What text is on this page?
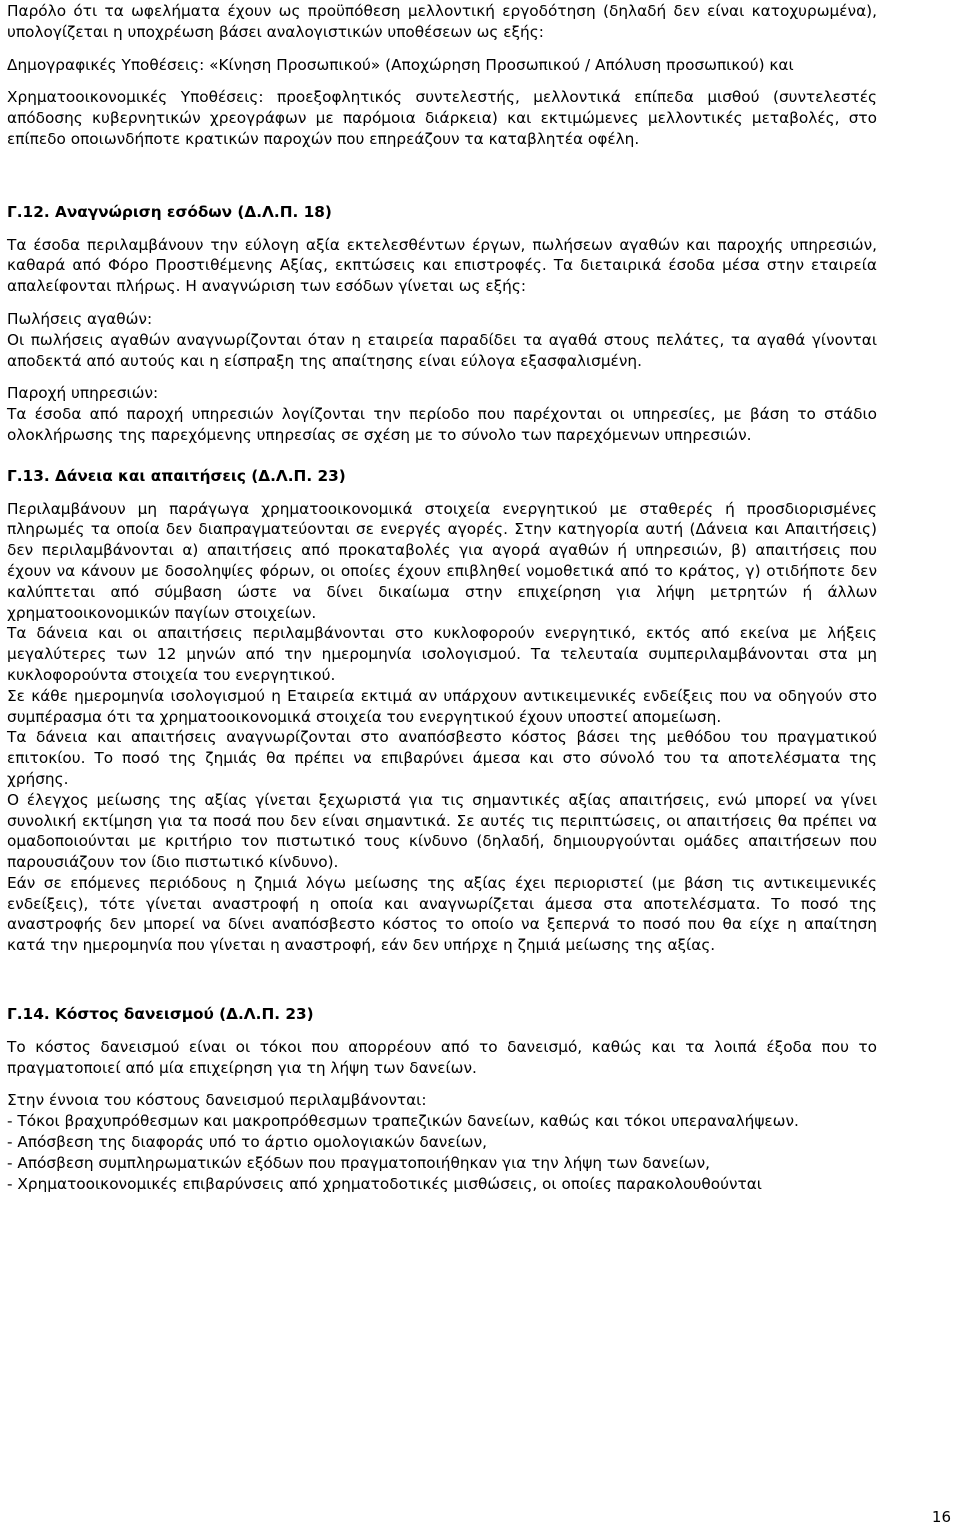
Παρόλο ότι τα ωφελήματα έχουν ως προϋπόθεση μελλοντική εργοδότηση (δηλαδή δεν είναι κατοχυρωμένα), υπολογίζεται η υποχρέωση βάσει αναλογιστικών υποθέσεων ως εξής:

Δημογραφικές Υποθέσεις: «Κίνηση Προσωπικού» (Αποχώρηση Προσωπικού / Απόλυση προσωπικού) και

Χρηματοοικονομικές Υποθέσεις: προεξοφλητικός συντελεστής, μελλοντικά επίπεδα μισθού (συντελεστές απόδοσης κυβερνητικών χρεογράφων με παρόμοια διάρκεια) και εκτιμώμενες μελλοντικές μεταβολές, στο επίπεδο οποιωνδήποτε κρατικών παροχών που επηρεάζουν τα καταβλητέα οφέλη.

Γ.12. Αναγνώριση εσόδων (Δ.Λ.Π. 18)

Τα έσοδα περιλαμβάνουν την εύλογη αξία εκτελεσθέντων έργων, πωλήσεων αγαθών και παροχής υπηρεσιών, καθαρά από Φόρο Προστιθέμενης Αξίας, εκπτώσεις και επιστροφές. Τα διεταιρικά έσοδα μέσα στην εταιρεία απαλείφονται πλήρως. Η αναγνώριση των εσόδων γίνεται ως εξής:

Πωλήσεις αγαθών:

Οι πωλήσεις αγαθών αναγνωρίζονται όταν η εταιρεία παραδίδει τα αγαθά στους πελάτες, τα αγαθά γίνονται αποδεκτά από αυτούς και η είσπραξη της απαίτησης είναι εύλογα εξασφαλισμένη.

Παροχή υπηρεσιών:

Τα έσοδα από παροχή υπηρεσιών λογίζονται την περίοδο που παρέχονται οι υπηρεσίες, με βάση το στάδιο ολοκλήρωσης της παρεχόμενης υπηρεσίας σε σχέση με το σύνολο των παρεχόμενων υπηρεσιών.

Γ.13. Δάνεια και απαιτήσεις (Δ.Λ.Π. 23)

Περιλαμβάνουν μη παράγωγα χρηματοοικονομικά στοιχεία ενεργητικού με σταθερές ή προσδιορισμένες πληρωμές τα οποία δεν διαπραγματεύονται σε ενεργές αγορές. Στην κατηγορία αυτή (Δάνεια και Απαιτήσεις) δεν περιλαμβάνονται α) απαιτήσεις από προκαταβολές για αγορά αγαθών ή υπηρεσιών, β) απαιτήσεις που έχουν να κάνουν με δοσοληψίες φόρων, οι οποίες έχουν επιβληθεί νομοθετικά από το κράτος, γ) οτιδήποτε δεν καλύπτεται από σύμβαση ώστε να δίνει δικαίωμα στην επιχείρηση για λήψη μετρητών ή άλλων χρηματοοικονομικών παγίων στοιχείων.

Τα δάνεια και οι απαιτήσεις περιλαμβάνονται στο κυκλοφορούν ενεργητικό, εκτός από εκείνα με λήξεις μεγαλύτερες των 12 μηνών από την ημερομηνία ισολογισμού. Τα τελευταία συμπεριλαμβάνονται στα μη κυκλοφορούντα στοιχεία του ενεργητικού.

Σε κάθε ημερομηνία ισολογισμού η Εταιρεία εκτιμά αν υπάρχουν αντικειμενικές ενδείξεις που να οδηγούν στο συμπέρασμα ότι τα χρηματοοικονομικά στοιχεία του ενεργητικού έχουν υποστεί απομείωση.

Τα δάνεια και απαιτήσεις αναγνωρίζονται στο αναπόσβεστο κόστος βάσει της μεθόδου του πραγματικού επιτοκίου. Το ποσό της ζημιάς θα πρέπει να επιβαρύνει άμεσα και στο σύνολό του τα αποτελέσματα της χρήσης.

Ο έλεγχος μείωσης της αξίας γίνεται ξεχωριστά για τις σημαντικές αξίας απαιτήσεις, ενώ μπορεί να γίνει συνολική εκτίμηση για τα ποσά που δεν είναι σημαντικά. Σε αυτές τις περιπτώσεις, οι απαιτήσεις θα πρέπει να ομαδοποιούνται με κριτήριο τον πιστωτικό τους κίνδυνο (δηλαδή, δημιουργούνται ομάδες απαιτήσεων που παρουσιάζουν τον ίδιο πιστωτικό κίνδυνο).

Εάν σε επόμενες περιόδους η ζημιά λόγω μείωσης της αξίας έχει περιοριστεί (με βάση τις αντικειμενικές ενδείξεις), τότε γίνεται αναστροφή η οποία και αναγνωρίζεται άμεσα στα αποτελέσματα. Το ποσό της αναστροφής δεν μπορεί να δίνει αναπόσβεστο κόστος το οποίο να ξεπερνά το ποσό που θα είχε η απαίτηση κατά την ημερομηνία που γίνεται η αναστροφή, εάν δεν υπήρχε η ζημιά μείωσης της αξίας.

Γ.14. Κόστος δανεισμού (Δ.Λ.Π. 23)

Το κόστος δανεισμού είναι οι τόκοι που απορρέουν από το δανεισμό, καθώς και τα λοιπά έξοδα που το πραγματοποιεί από μία επιχείρηση για τη λήψη των δανείων.

Στην έννοια του κόστους δανεισμού περιλαμβάνονται:

- Τόκοι βραχυπρόθεσμων και μακροπρόθεσμων τραπεζικών δανείων, καθώς και τόκοι υπεραναλήψεων.
- Απόσβεση της διαφοράς υπό το άρτιο ομολογιακών δανείων,
- Απόσβεση συμπληρωματικών εξόδων που πραγματοποιήθηκαν για την λήψη των δανείων,
- Χρηματοοικονομικές επιβαρύνσεις από χρηματοδοτικές μισθώσεις, οι οποίες παρακολουθούνται
16
